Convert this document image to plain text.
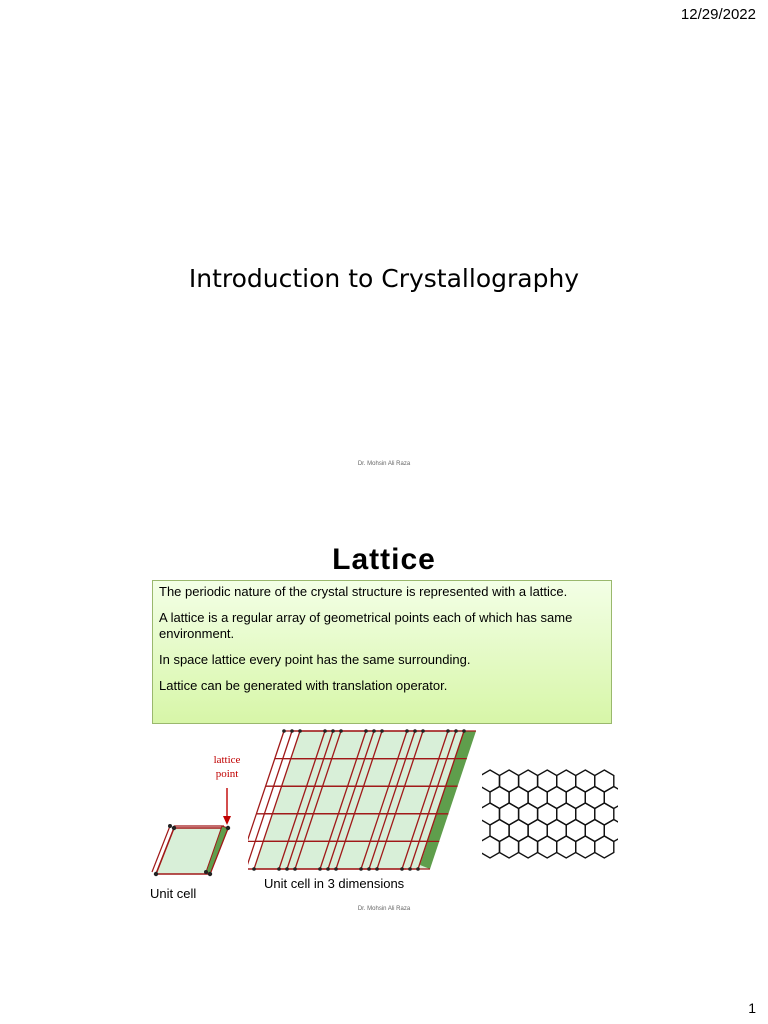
12/29/2022
Introduction to Crystallography
Dr. Mohsin Ali Raza
Lattice

The periodic nature of the crystal structure is represented with a lattice.

A lattice is a regular array of geometrical points each of which has same environment.

In space lattice every point has the same surrounding.

Lattice can be generated with translation operator.

lattice point
Unit cell
Unit cell in 3 dimensions
Dr. Mohsin Ali Raza
1
